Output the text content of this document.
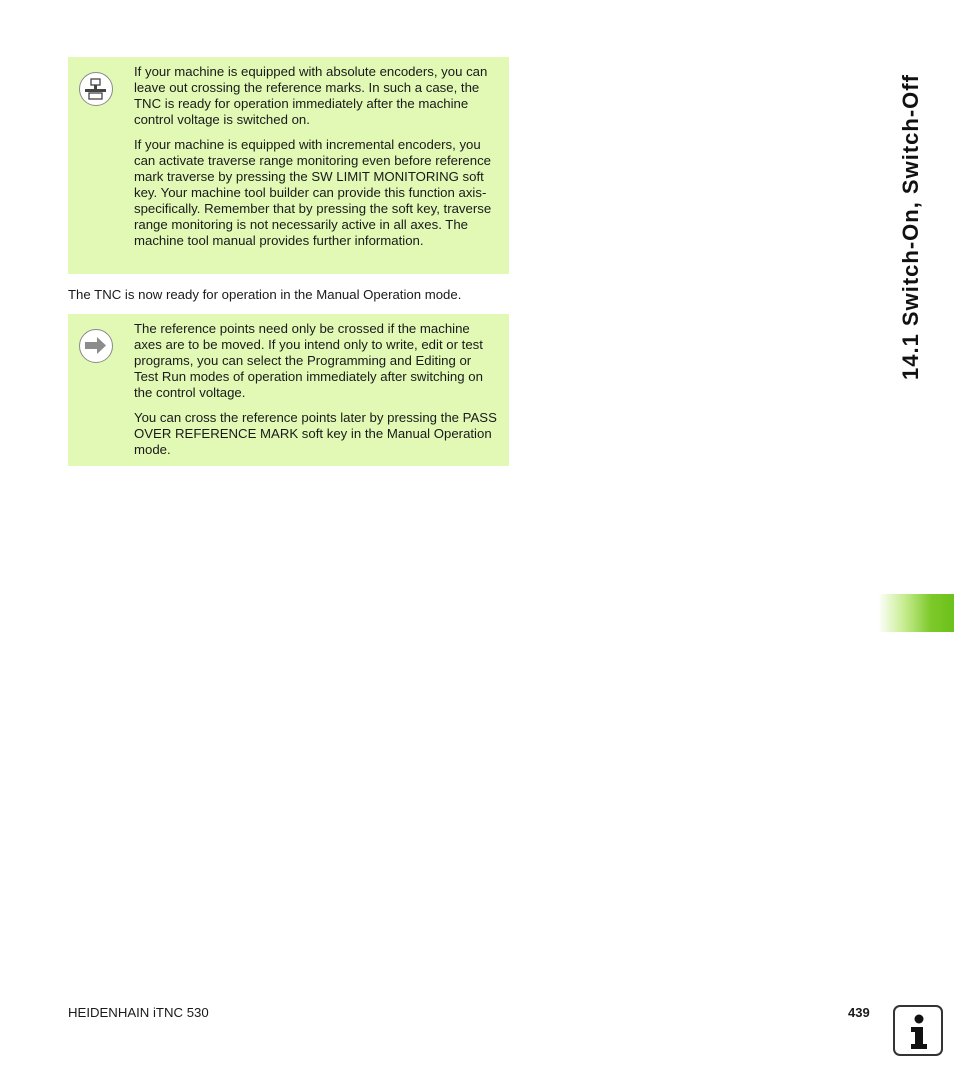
If your machine is equipped with absolute encoders, you can leave out crossing the reference marks. In such a case, the TNC is ready for operation immediately after the machine control voltage is switched on.

If your machine is equipped with incremental encoders, you can activate traverse range monitoring even before reference mark traverse by pressing the SW LIMIT MONITORING soft key. Your machine tool builder can provide this function axis-specifically. Remember that by pressing the soft key, traverse range monitoring is not necessarily active in all axes. The machine tool manual provides further information.

The TNC is now ready for operation in the Manual Operation mode.

The reference points need only be crossed if the machine axes are to be moved. If you intend only to write, edit or test programs, you can select the Programming and Editing or Test Run modes of operation immediately after switching on the control voltage.

You can cross the reference points later by pressing the PASS OVER REFERENCE MARK soft key in the Manual Operation mode.

14.1 Switch-On, Switch-Off
HEIDENHAIN iTNC 530	439
